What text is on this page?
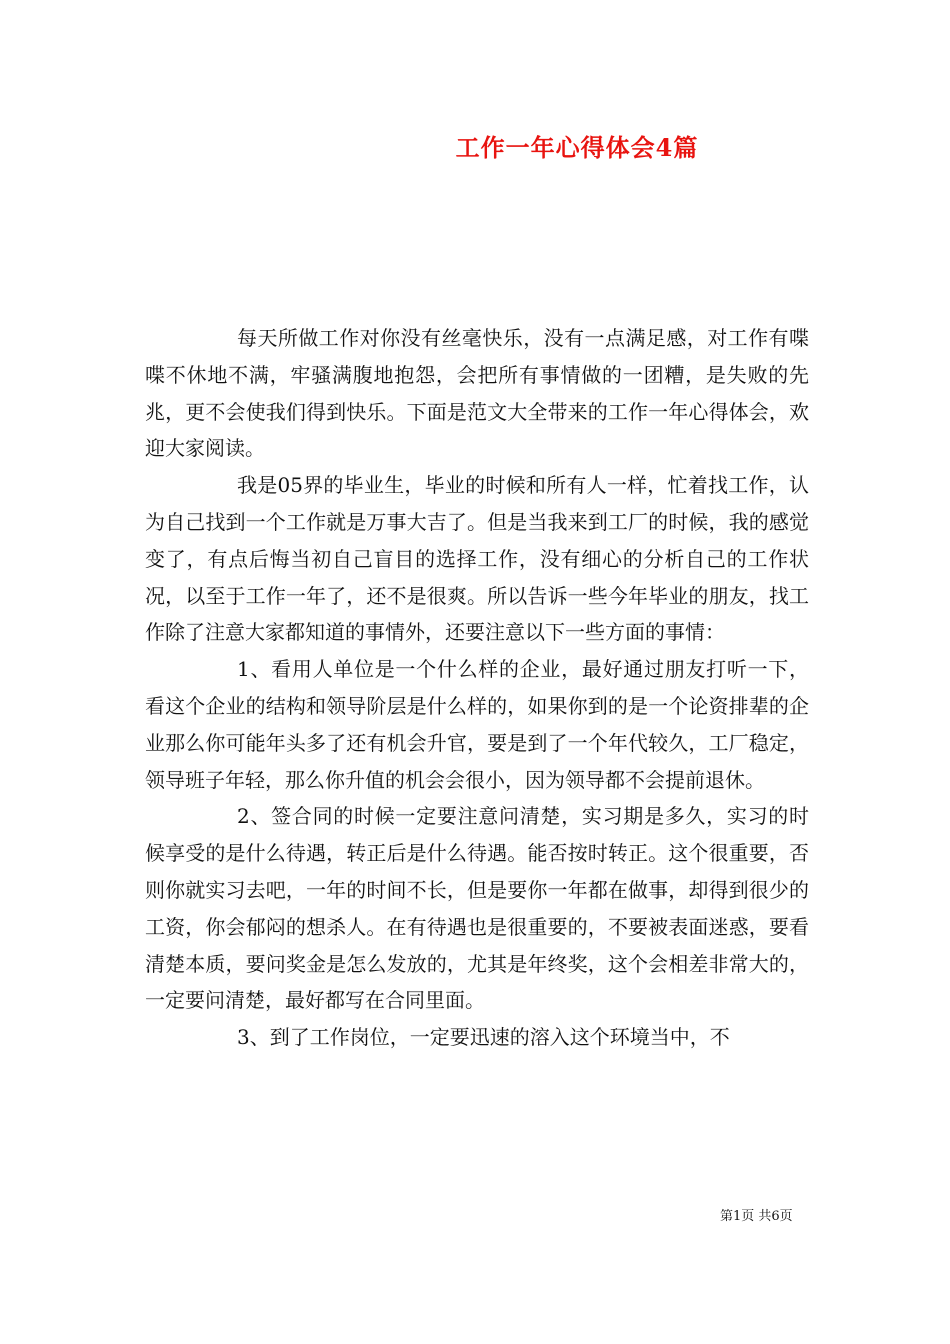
工作一年心得体会4篇

每天所做工作对你没有丝毫快乐，没有一点满足感，对工作有喋喋不休地不满，牢骚满腹地抱怨，会把所有事情做的一团糟，是失败的先兆，更不会使我们得到快乐。下面是范文大全带来的工作一年心得体会，欢迎大家阅读。

我是05界的毕业生，毕业的时候和所有人一样，忙着找工作，认为自己找到一个工作就是万事大吉了。但是当我来到工厂的时候，我的感觉变了，有点后悔当初自己盲目的选择工作，没有细心的分析自己的工作状况，以至于工作一年了，还不是很爽。所以告诉一些今年毕业的朋友，找工作除了注意大家都知道的事情外，还要注意以下一些方面的事情：

1、看用人单位是一个什么样的企业，最好通过朋友打听一下，看这个企业的结构和领导阶层是什么样的，如果你到的是一个论资排辈的企业那么你可能年头多了还有机会升官，要是到了一个年代较久，工厂稳定，领导班子年轻，那么你升值的机会会很小，因为领导都不会提前退休。

2、签合同的时候一定要注意问清楚，实习期是多久，实习的时候享受的是什么待遇，转正后是什么待遇。能否按时转正。这个很重要，否则你就实习去吧，一年的时间不长，但是要你一年都在做事，却得到很少的工资，你会郁闷的想杀人。在有待遇也是很重要的，不要被表面迷惑，要看清楚本质，要问奖金是怎么发放的，尤其是年终奖，这个会相差非常大的，一定要问清楚，最好都写在合同里面。

3、到了工作岗位，一定要迅速的溶入这个环境当中，不

第1页 共6页
